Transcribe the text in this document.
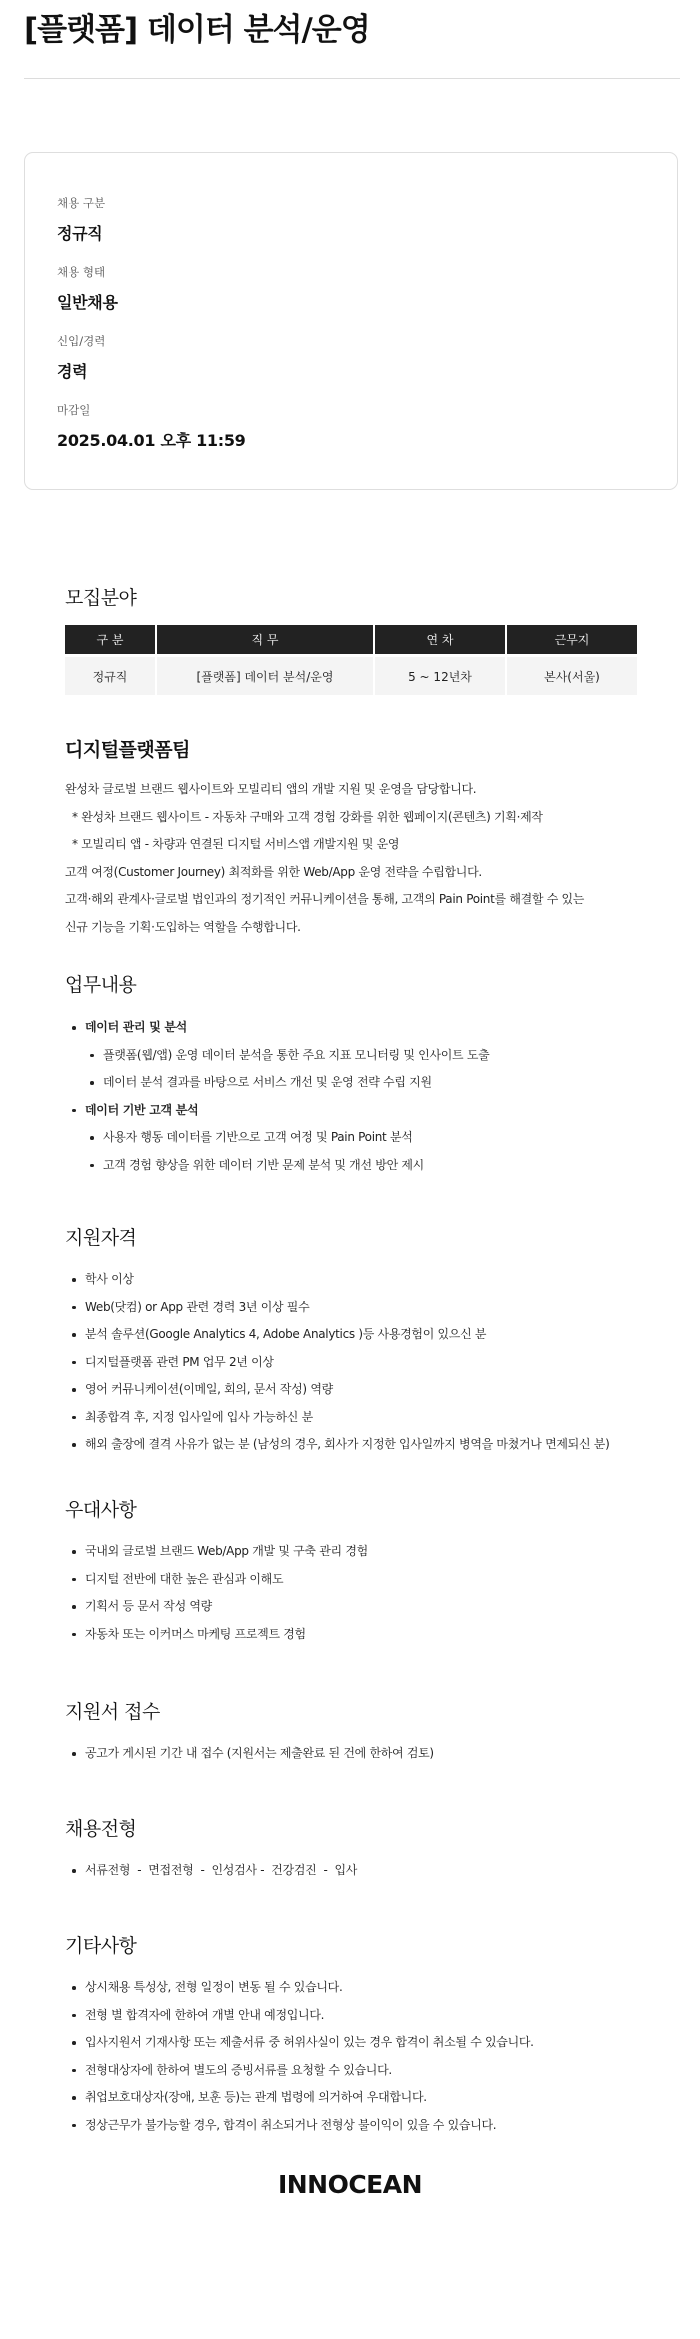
[플랫폼] 데이터 분석/운영
채용 구분
정규직
채용 형태
일반채용
신입/경력
경력
마감일
2025.04.01 오후 11:59
모집분야
구 분	직 무	연 차	근무지
정규직	[플랫폼] 데이터 분석/운영	5 ~ 12년차	본사(서울)
디지털플랫폼팀
완성차 글로벌 브랜드 웹사이트와 모빌리티 앱의 개발 지원 및 운영을 담당합니다.
* 완성차 브랜드 웹사이트 - 자동차 구매와 고객 경험 강화를 위한 웹페이지(콘텐츠) 기획·제작
* 모빌리티 앱 - 차량과 연결된 디지털 서비스앱 개발지원 및 운영
고객 여정(Customer Journey) 최적화를 위한 Web/App 운영 전략을 수립합니다.
고객·해외 관계사·글로벌 법인과의 정기적인 커뮤니케이션을 통해, 고객의 Pain Point를 해결할 수 있는
신규 기능을 기획·도입하는 역할을 수행합니다.
업무내용
데이터 관리 및 분석
플랫폼(웹/앱) 운영 데이터 분석을 통한 주요 지표 모니터링 및 인사이트 도출
데이터 분석 결과를 바탕으로 서비스 개선 및 운영 전략 수립 지원
데이터 기반 고객 분석
사용자 행동 데이터를 기반으로 고객 여정 및 Pain Point 분석
고객 경험 향상을 위한 데이터 기반 문제 분석 및 개선 방안 제시
지원자격
학사 이상
Web(닷컴) or App 관련 경력 3년 이상 필수
분석 솔루션(Google Analytics 4, Adobe Analytics )등 사용경험이 있으신 분
디지털플랫폼 관련 PM 업무 2년 이상
영어 커뮤니케이션(이메일, 회의, 문서 작성) 역량
최종합격 후, 지정 입사일에 입사 가능하신 분
해외 출장에 결격 사유가 없는 분 (남성의 경우, 회사가 지정한 입사일까지 병역을 마쳤거나 면제되신 분)
우대사항
국내외 글로벌 브랜드 Web/App 개발 및 구축 관리 경험
디지털 전반에 대한 높은 관심과 이해도
기획서 등 문서 작성 역량
자동차 또는 이커머스 마케팅 프로젝트 경험
지원서 접수
공고가 게시된 기간 내 접수 (지원서는 제출완료 된 건에 한하여 검토)
채용전형
서류전형  -  면접전형  -  인성검사 -  건강검진  -  입사
기타사항
상시채용 특성상, 전형 일정이 변동 될 수 있습니다.
전형 별 합격자에 한하여 개별 안내 예정입니다.
입사지원서 기재사항 또는 제출서류 중 허위사실이 있는 경우 합격이 취소될 수 있습니다.
전형대상자에 한하여 별도의 증빙서류를 요청할 수 있습니다.
취업보호대상자(장애, 보훈 등)는 관계 법령에 의거하여 우대합니다.
정상근무가 불가능할 경우, 합격이 취소되거나 전형상 불이익이 있을 수 있습니다.
INNOCEAN
